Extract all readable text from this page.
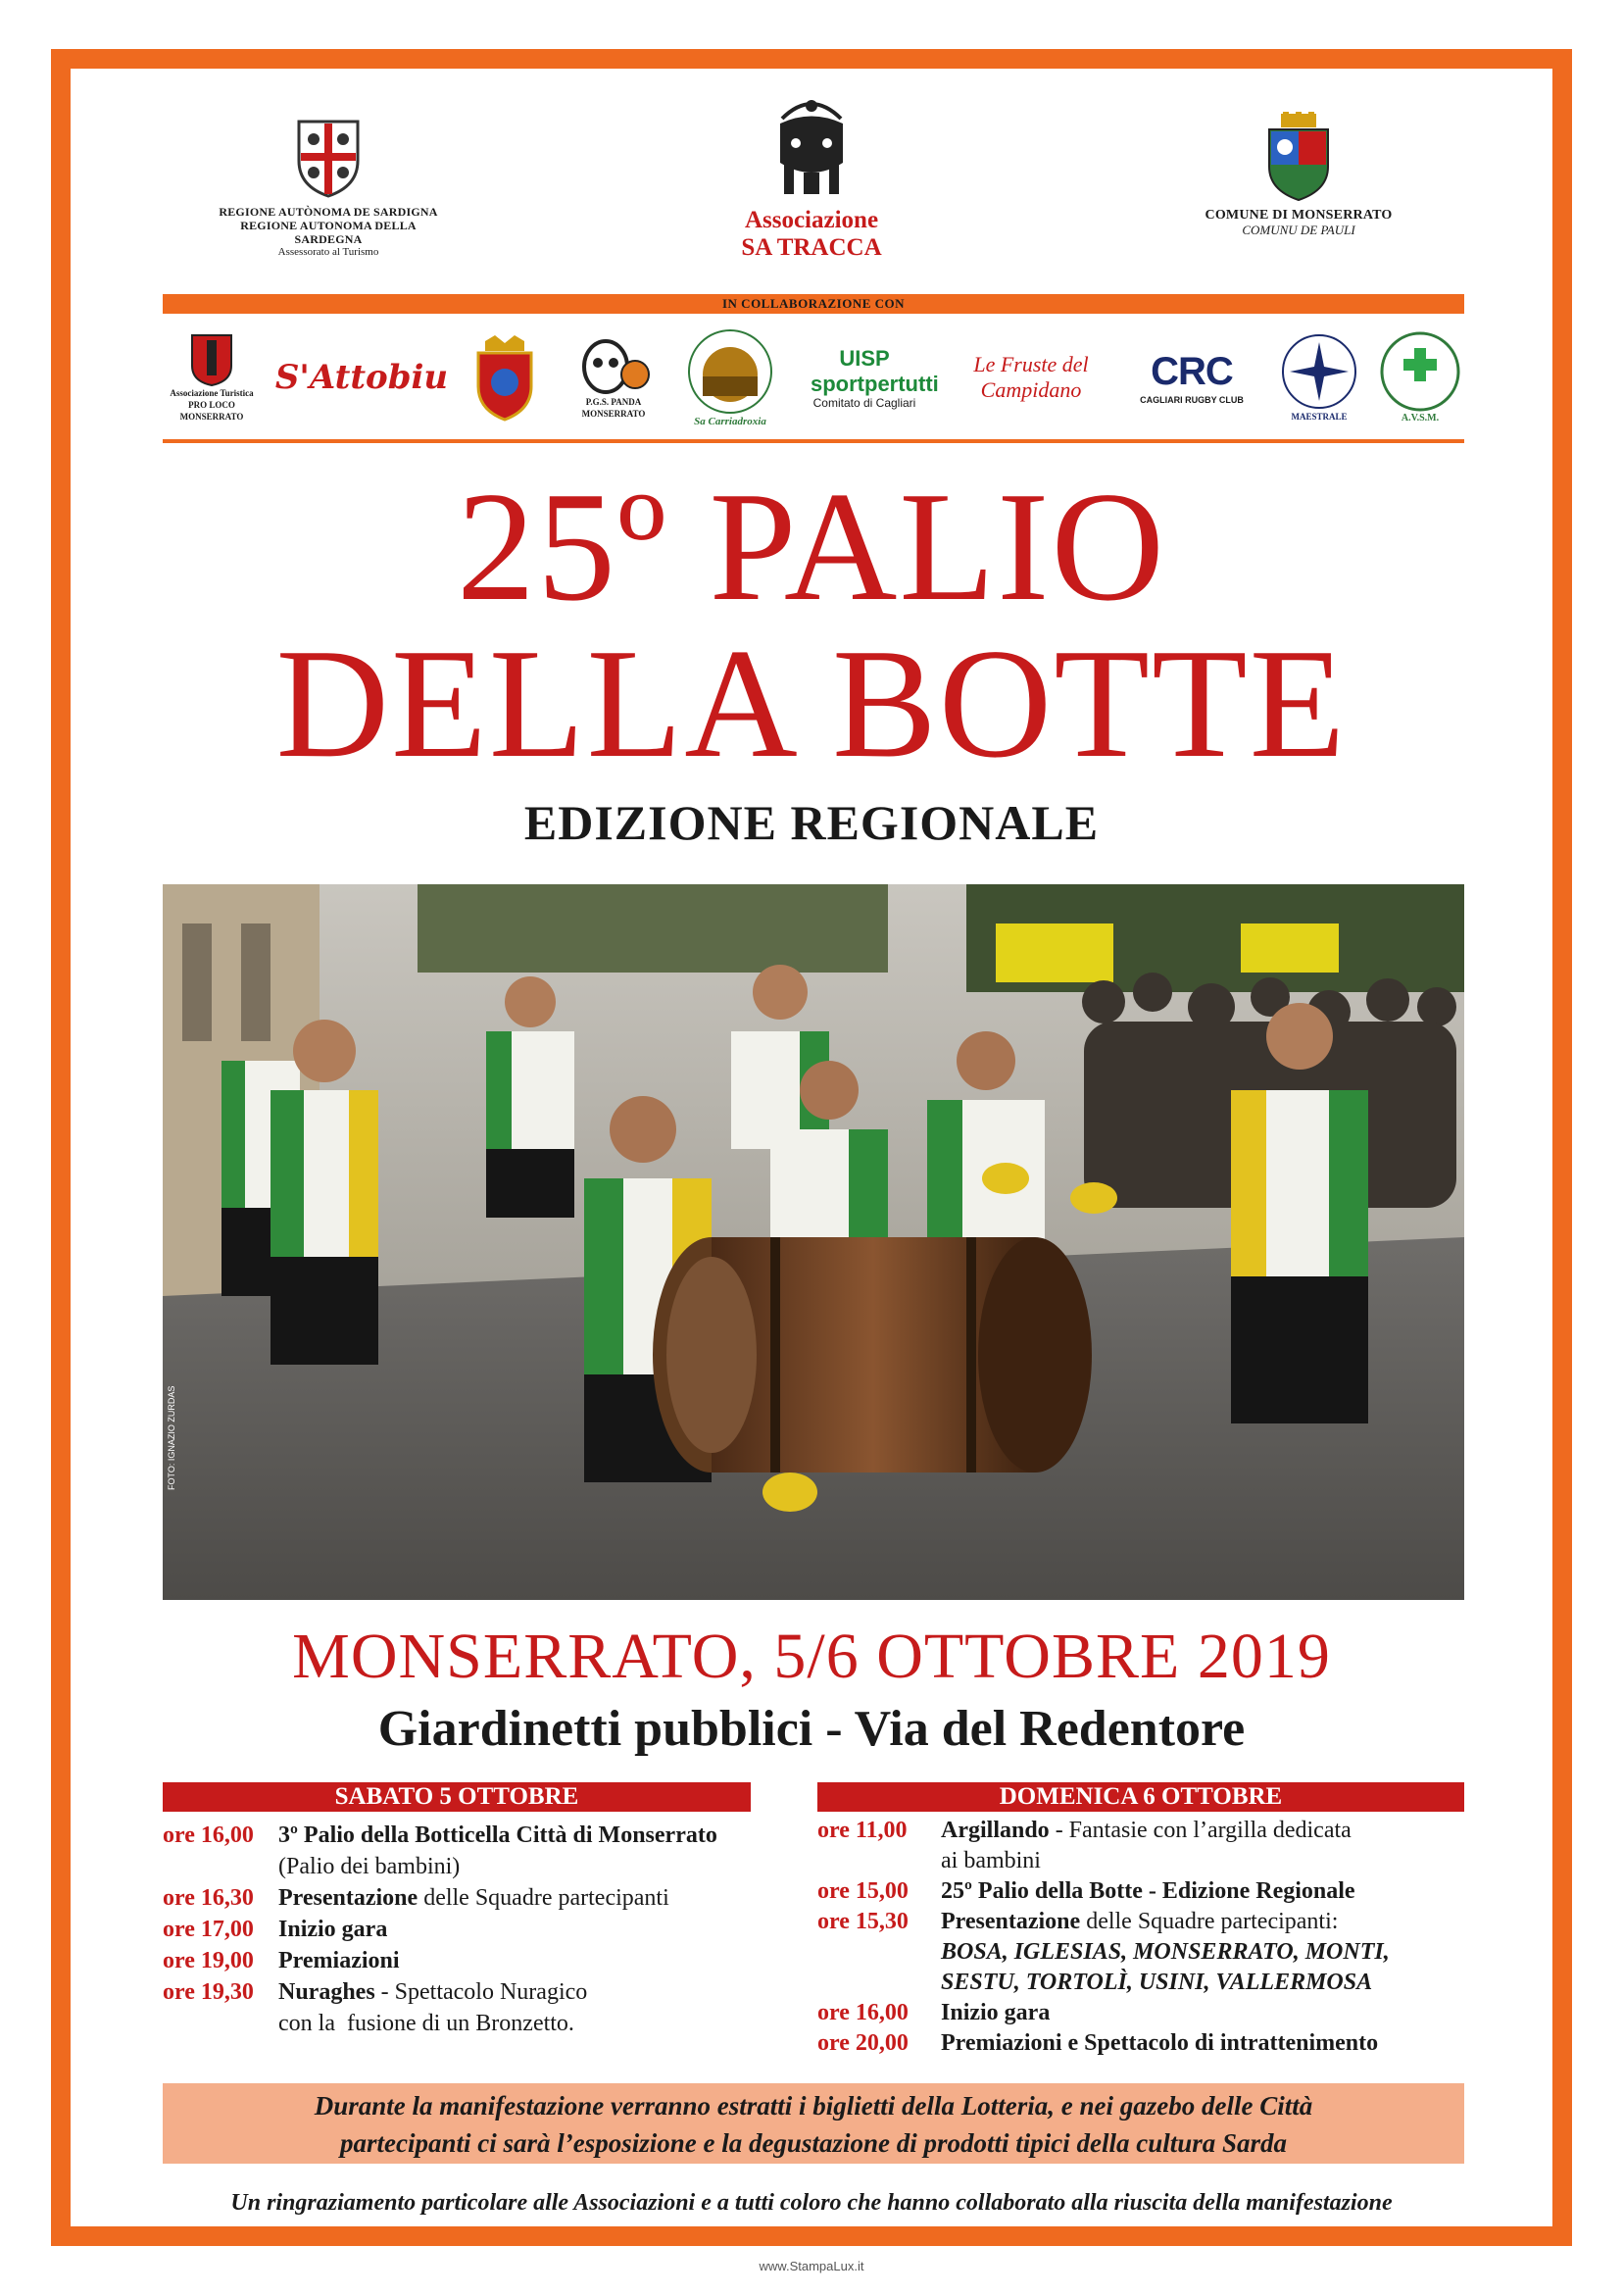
REGIONE AUTÒNOMA DE SARDIGNA
REGIONE AUTONOMA DELLA SARDEGNA
Assessorato al Turismo
Associazione
SA TRACCA
COMUNE DI MONSERRATO
COMUNU DE PAULI
IN COLLABORAZIONE CON
Associazione Turistica PRO LOCO MONSERRATO
S'Attobiu
P.G.S. PANDA MONSERRATO
Sa Carriadroxia
UISP sportpertutti
Comitato di Cagliari
Le Fruste del Campidano CRC
CAGLIARI RUGBY CLUB
MAESTRALE	A.V.S.M.
25º PALIO
DELLA BOTTE
EDIZIONE REGIONALE
FOTO: IGNAZIO ZURDAS
MONSERRATO, 5/6 OTTOBRE 2019
Giardinetti pubblici - Via del Redentore
SABATO 5 OTTOBRE
ore 16,00	3º Palio della Botticella Città di Monserrato
(Palio dei bambini)
ore 16,30	Presentazione delle Squadre partecipanti
ore 17,00	Inizio gara
ore 19,00	Premiazioni
ore 19,30	Nuraghes - Spettacolo Nuragico
con la  fusione di un Bronzetto.
DOMENICA 6 OTTOBRE
ore 11,00	Argillando - Fantasie con l’argilla dedicata
ai bambini
ore 15,00	25º Palio della Botte - Edizione Regionale
ore 15,30	Presentazione delle Squadre partecipanti:
BOSA, IGLESIAS, MONSERRATO, MONTI,
SESTU, TORTOLÌ, USINI, VALLERMOSA
ore 16,00	Inizio gara
ore 20,00	Premiazioni e Spettacolo di intrattenimento
Durante la manifestazione verranno estratti i biglietti della Lotteria, e nei gazebo delle Città
partecipanti ci sarà l’esposizione e la degustazione di prodotti tipici della cultura Sarda
Un ringraziamento particolare alle Associazioni e a tutti coloro che hanno collaborato alla riuscita della manifestazione
www.StampaLux.it
